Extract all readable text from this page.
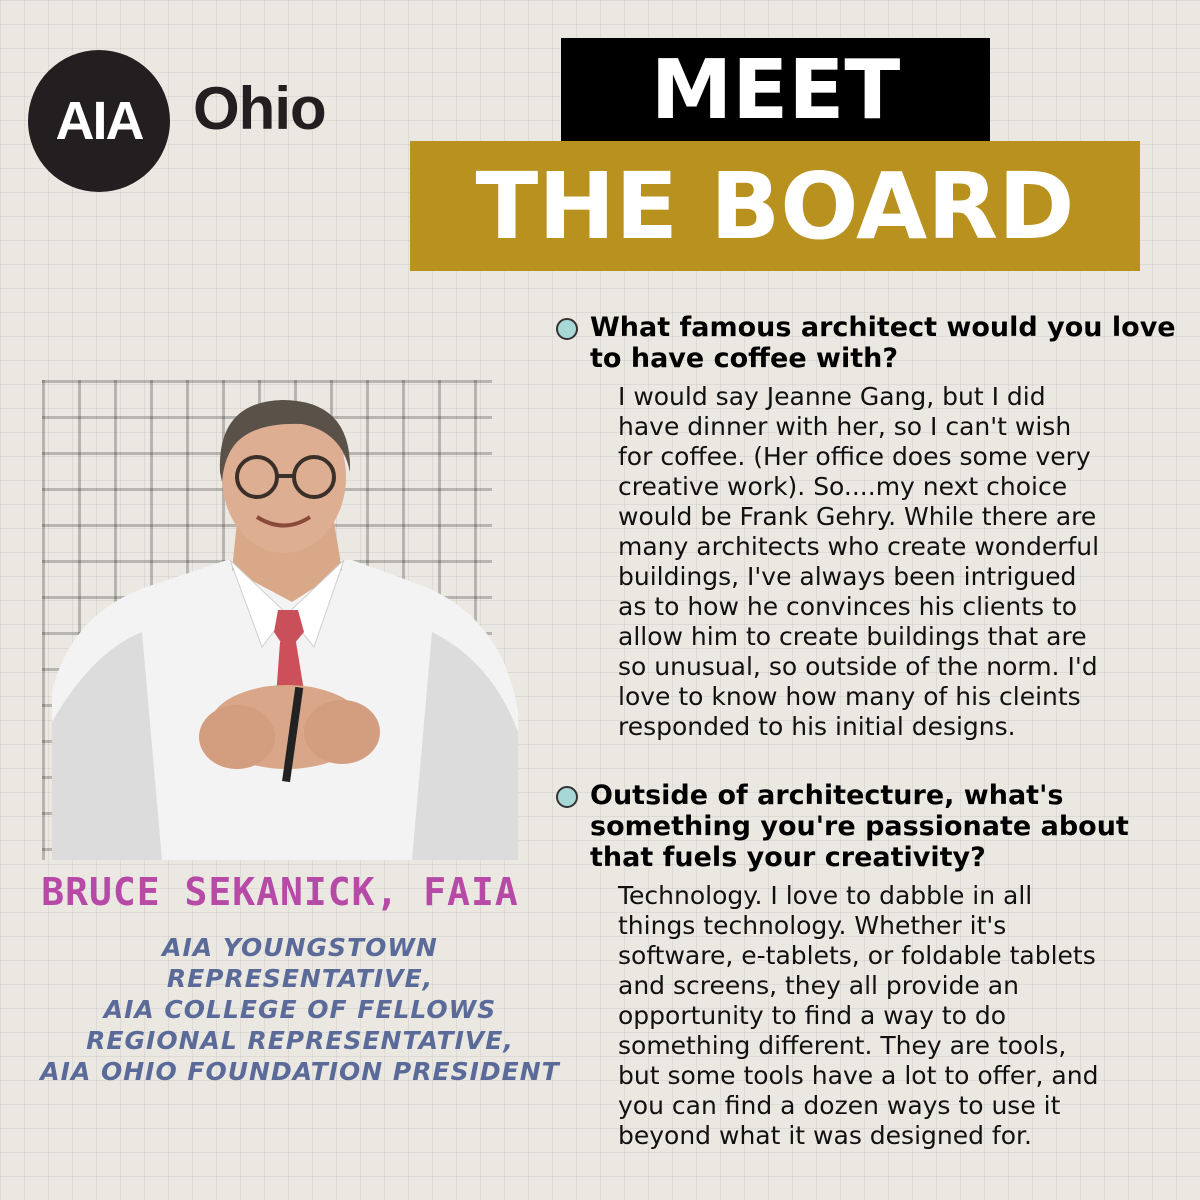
AIA Ohio	MEET
THE BOARD
BRUCE SEKANICK, FAIA
AIA YOUNGSTOWN
REPRESENTATIVE,
AIA COLLEGE OF FELLOWS
REGIONAL REPRESENTATIVE,
AIA OHIO FOUNDATION PRESIDENT
What famous architect would you love to have coffee with?
I would say Jeanne Gang, but I did
have dinner with her, so I can't wish
for coffee. (Her office does some very
creative work). So....my next choice
would be Frank Gehry. While there are
many architects who create wonderful
buildings, I've always been intrigued
as to how he convinces his clients to
allow him to create buildings that are
so unusual, so outside of the norm. I'd
love to know how many of his cleints
responded to his initial designs.
Outside of architecture, what's something you're passionate about that fuels your creativity?
Technology. I love to dabble in all
things technology. Whether it's
software, e-tablets, or foldable tablets
and screens, they all provide an
opportunity to find a way to do
something different. They are tools,
but some tools have a lot to offer, and
you can find a dozen ways to use it
beyond what it was designed for.
